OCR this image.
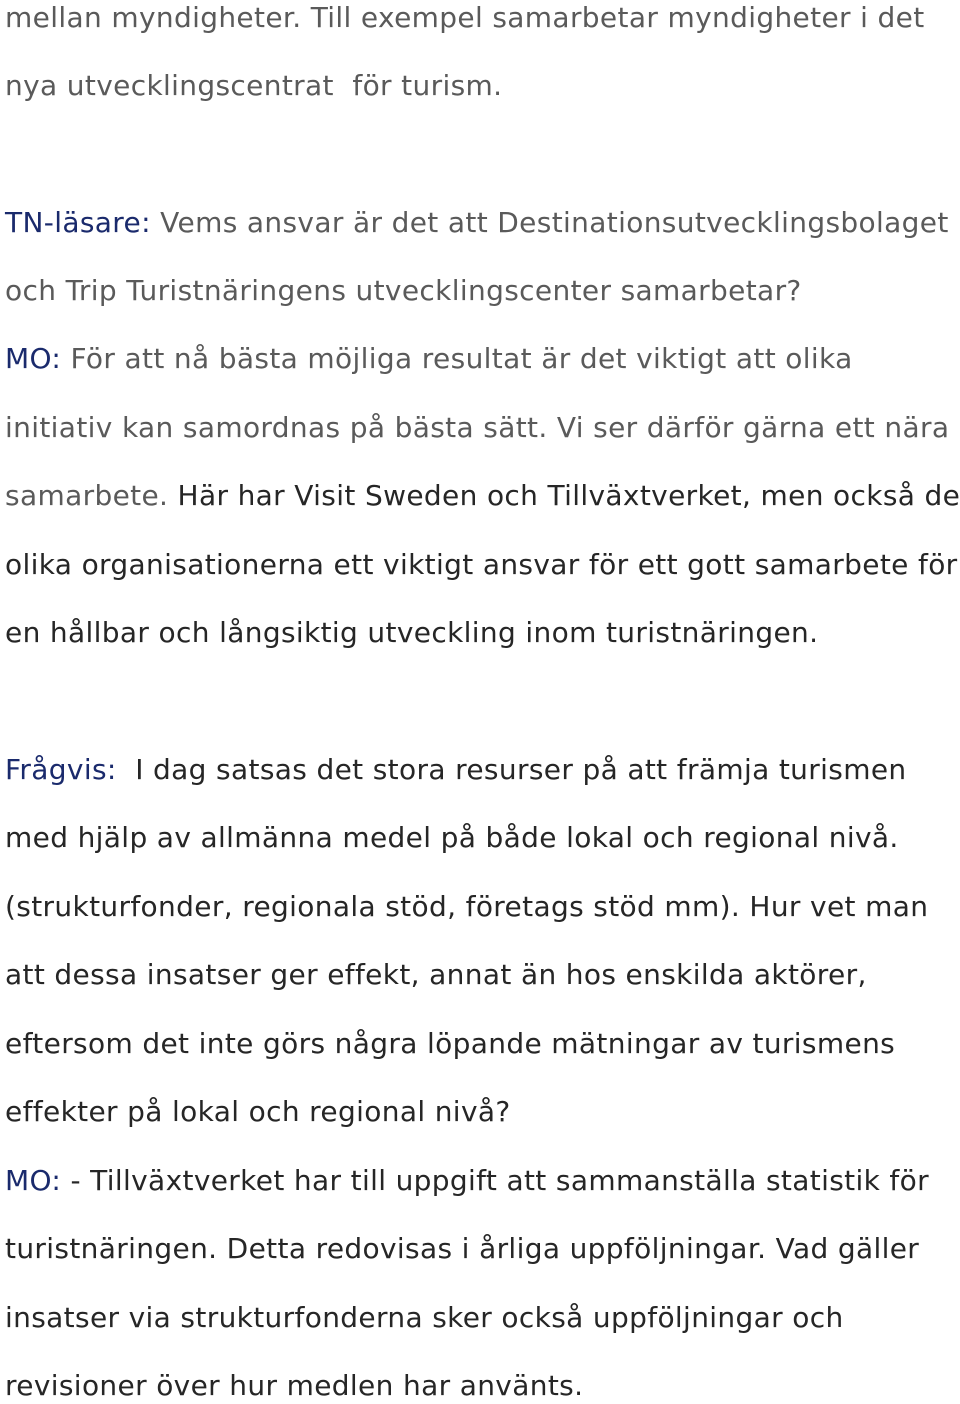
mellan myndigheter. Till exempel samarbetar myndigheter i det
nya utvecklingscentrat  för turism.
TN-läsare: Vems ansvar är det att Destinationsutvecklingsbolaget
och Trip Turistnäringens utvecklingscenter samarbetar?
MO: För att nå bästa möjliga resultat är det viktigt att olika
initiativ kan samordnas på bästa sätt. Vi ser därför gärna ett nära
samarbete. Här har Visit Sweden och Tillväxtverket, men också de
olika organisationerna ett viktigt ansvar för ett gott samarbete för
en hållbar och långsiktig utveckling inom turistnäringen.
Frågvis:  I dag satsas det stora resurser på att främja turismen
med hjälp av allmänna medel på både lokal och regional nivå.
(strukturfonder, regionala stöd, företags stöd mm). Hur vet man
att dessa insatser ger effekt, annat än hos enskilda aktörer,
eftersom det inte görs några löpande mätningar av turismens
effekter på lokal och regional nivå?
MO: - Tillväxtverket har till uppgift att sammanställa statistik för
turistnäringen. Detta redovisas i årliga uppföljningar. Vad gäller
insatser via strukturfonderna sker också uppföljningar och
revisioner över hur medlen har använts.
